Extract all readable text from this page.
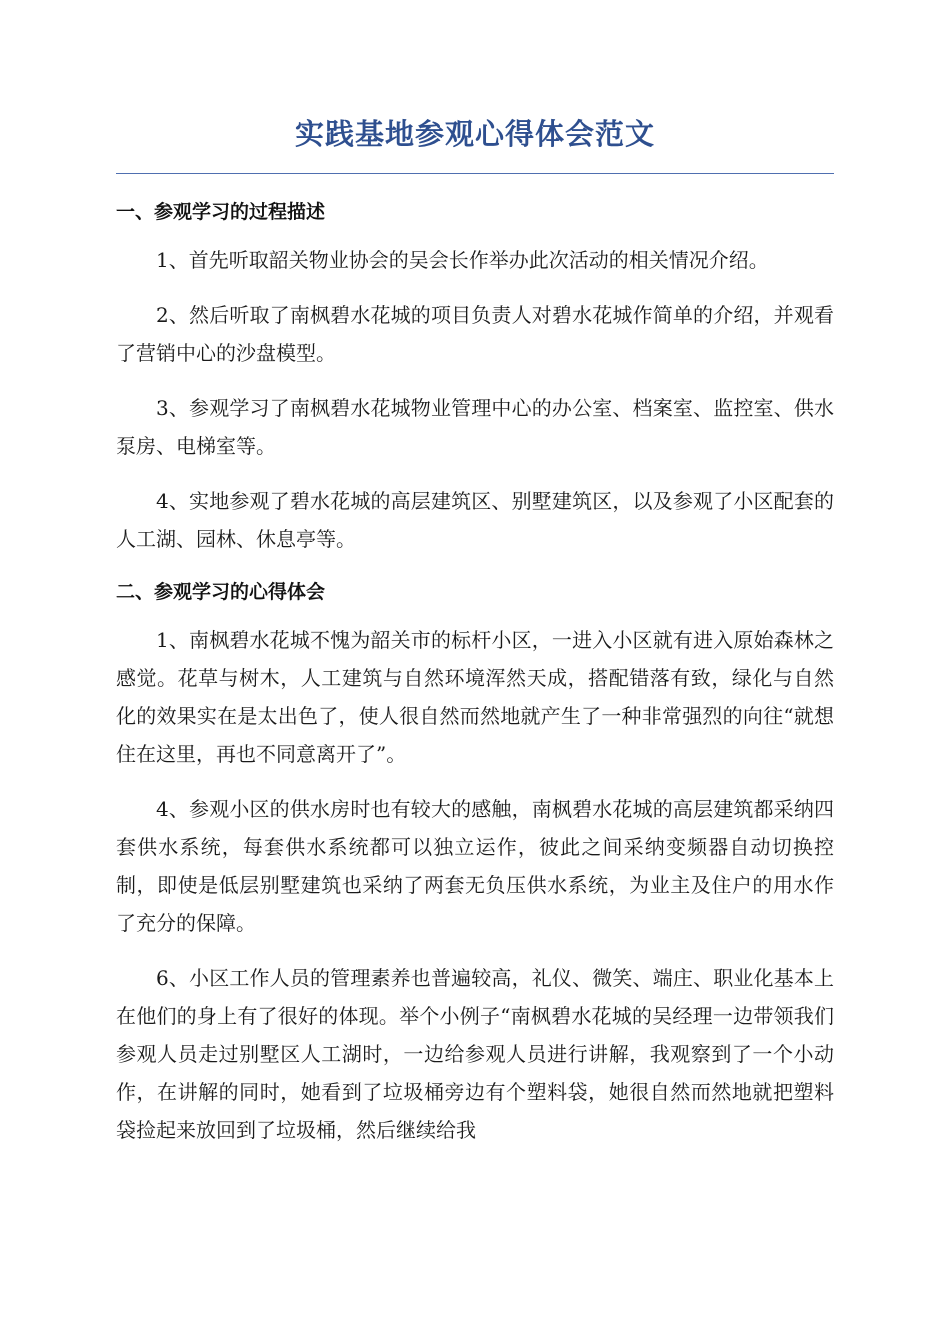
实践基地参观心得体会范文
一、参观学习的过程描述

1、首先听取韶关物业协会的吴会长作举办此次活动的相关情况介绍。

2、然后听取了南枫碧水花城的项目负责人对碧水花城作简单的介绍，并观看了营销中心的沙盘模型。

3、参观学习了南枫碧水花城物业管理中心的办公室、档案室、监控室、供水泵房、电梯室等。

4、实地参观了碧水花城的高层建筑区、别墅建筑区，以及参观了小区配套的人工湖、园林、休息亭等。

二、参观学习的心得体会

1、南枫碧水花城不愧为韶关市的标杆小区，一进入小区就有进入原始森林之感觉。花草与树木，人工建筑与自然环境浑然天成，搭配错落有致，绿化与自然化的效果实在是太出色了，使人很自然而然地就产生了一种非常强烈的向往“就想住在这里，再也不同意离开了”。

4、参观小区的供水房时也有较大的感触，南枫碧水花城的高层建筑都采纳四套供水系统，每套供水系统都可以独立运作，彼此之间采纳变频器自动切换控制，即使是低层别墅建筑也采纳了两套无负压供水系统，为业主及住户的用水作了充分的保障。

6、小区工作人员的管理素养也普遍较高，礼仪、微笑、端庄、职业化基本上在他们的身上有了很好的体现。举个小例子“南枫碧水花城的吴经理一边带领我们参观人员走过别墅区人工湖时，一边给参观人员进行讲解，我观察到了一个小动作，在讲解的同时，她看到了垃圾桶旁边有个塑料袋，她很自然而然地就把塑料袋捡起来放回到了垃圾桶，然后继续给我
